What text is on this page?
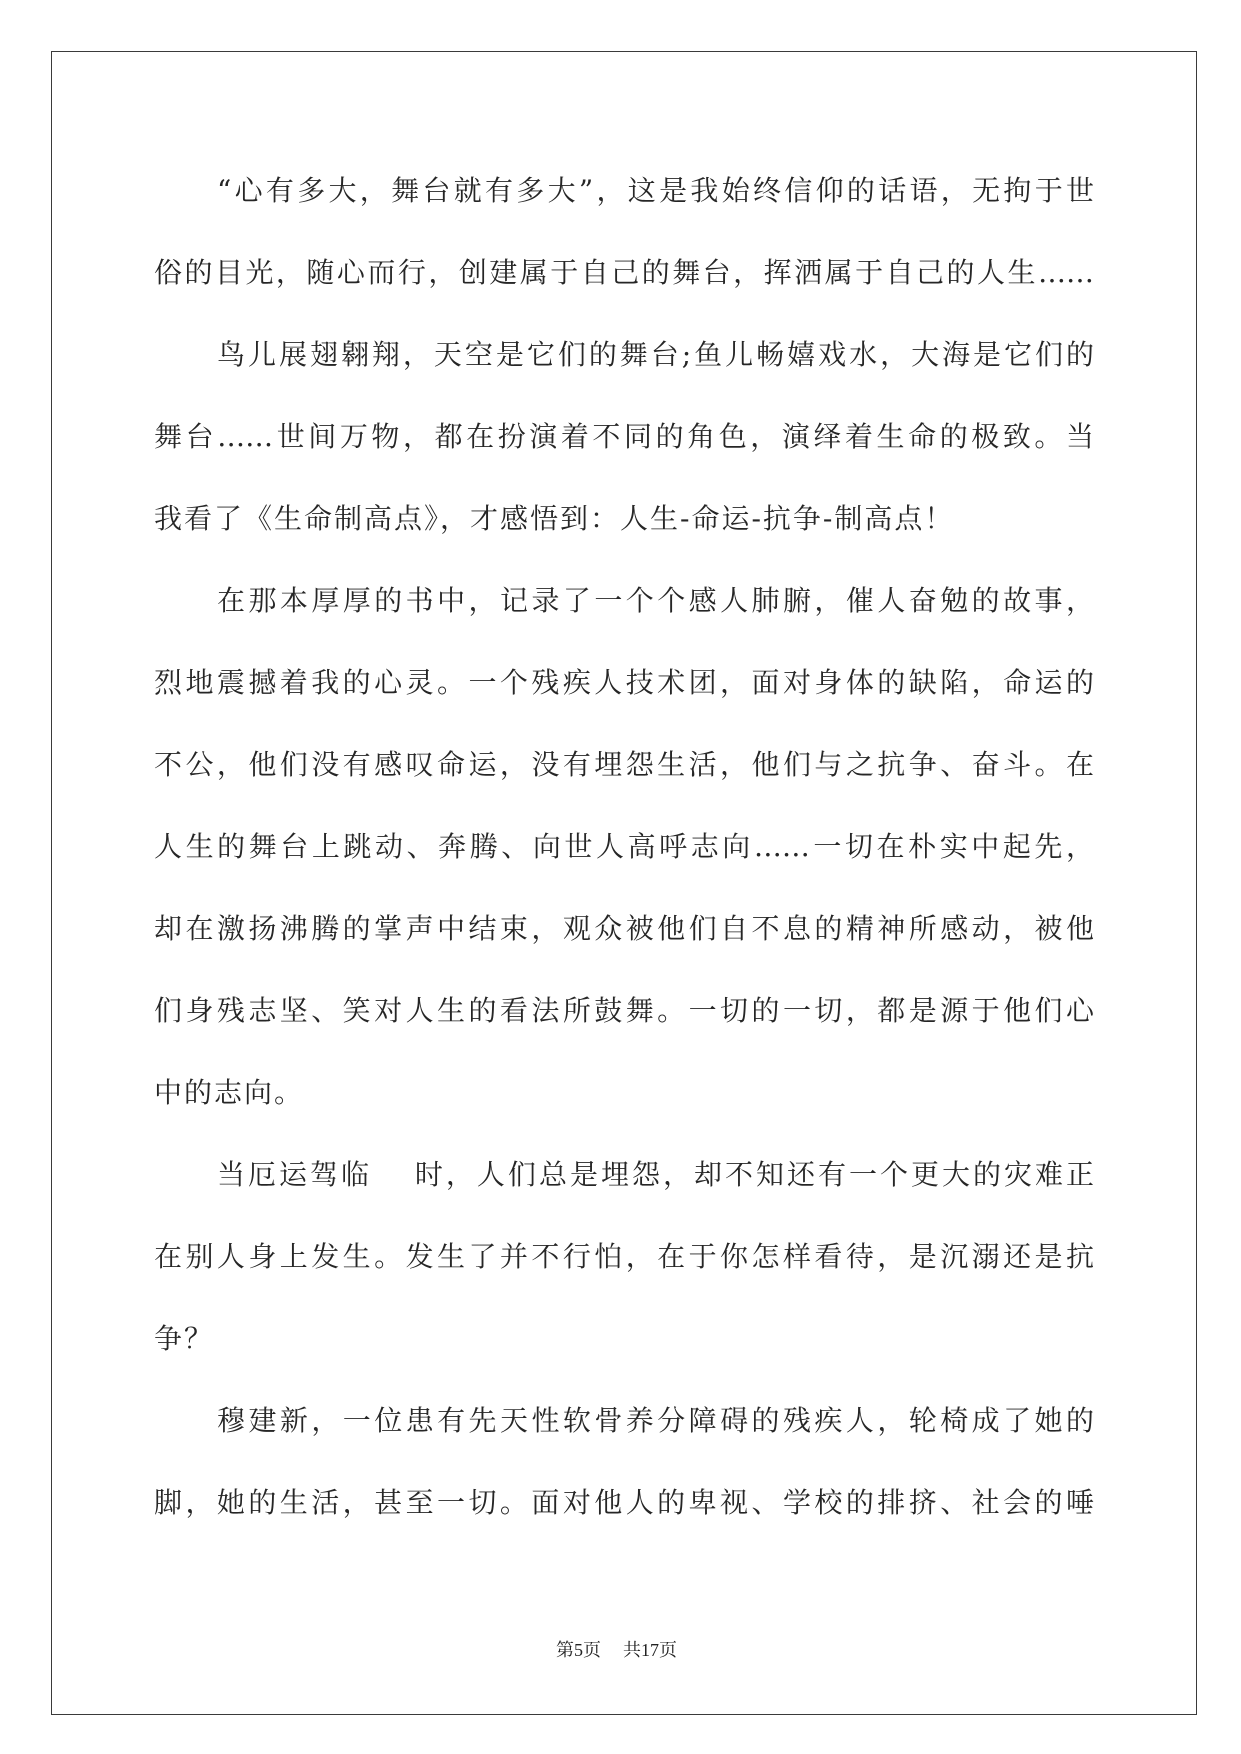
“心有多大，舞台就有多大”，这是我始终信仰的话语，无拘于世
俗的目光，随心而行，创建属于自己的舞台，挥洒属于自己的人生……
鸟儿展翅翱翔，天空是它们的舞台;鱼儿畅嬉戏水，大海是它们的
舞台……世间万物，都在扮演着不同的角色，演绎着生命的极致。当
我看了《生命制高点》，才感悟到：人生-命运-抗争-制高点！
在那本厚厚的书中，记录了一个个感人肺腑，催人奋勉的故事，
烈地震撼着我的心灵。一个残疾人技术团，面对身体的缺陷，命运的
不公，他们没有感叹命运，没有埋怨生活，他们与之抗争、奋斗。在
人生的舞台上跳动、奔腾、向世人高呼志向……一切在朴实中起先，
却在激扬沸腾的掌声中结束，观众被他们自不息的精神所感动，被他
们身残志坚、笑对人生的看法所鼓舞。一切的一切，都是源于他们心
中的志向。
当厄运驾临　 时，人们总是埋怨，却不知还有一个更大的灾难正
在别人身上发生。发生了并不行怕，在于你怎样看待，是沉溺还是抗
争？
穆建新，一位患有先天性软骨养分障碍的残疾人，轮椅成了她的
脚，她的生活，甚至一切。面对他人的卑视、学校的排挤、社会的唾
第5页 共17页
